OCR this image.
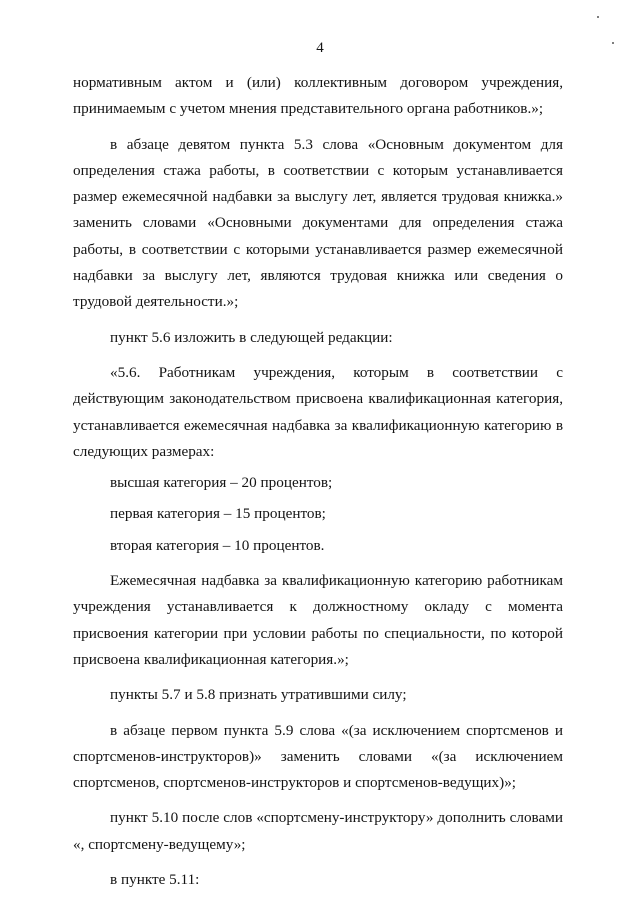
4

нормативным актом и (или) коллективным договором учреждения, принимаемым с учетом мнения представительного органа работников.»;

в абзаце девятом пункта 5.3 слова «Основным документом для определения стажа работы, в соответствии с которым устанавливается размер ежемесячной надбавки за выслугу лет, является трудовая книжка.» заменить словами «Основными документами для определения стажа работы, в соответствии с которыми устанавливается размер ежемесячной надбавки за выслугу лет, являются трудовая книжка или сведения о трудовой деятельности.»;

пункт 5.6 изложить в следующей редакции:

«5.6. Работникам учреждения, которым в соответствии с действующим законодательством присвоена квалификационная категория, устанавливается ежемесячная надбавка за квалификационную категорию в следующих размерах:

высшая категория – 20 процентов;

первая категория – 15 процентов;

вторая категория – 10 процентов.

Ежемесячная надбавка за квалификационную категорию работникам учреждения устанавливается к должностному окладу с момента присвоения категории при условии работы по специальности, по которой присвоена квалификационная категория.»;

пункты 5.7 и 5.8 признать утратившими силу;

в абзаце первом пункта 5.9 слова «(за исключением спортсменов и спортсменов-инструкторов)» заменить словами «(за исключением спортсменов, спортсменов-инструкторов и спортсменов-ведущих)»;

пункт 5.10 после слов «спортсмену-инструктору» дополнить словами «, спортсмену-ведущему»;

в пункте 5.11:
